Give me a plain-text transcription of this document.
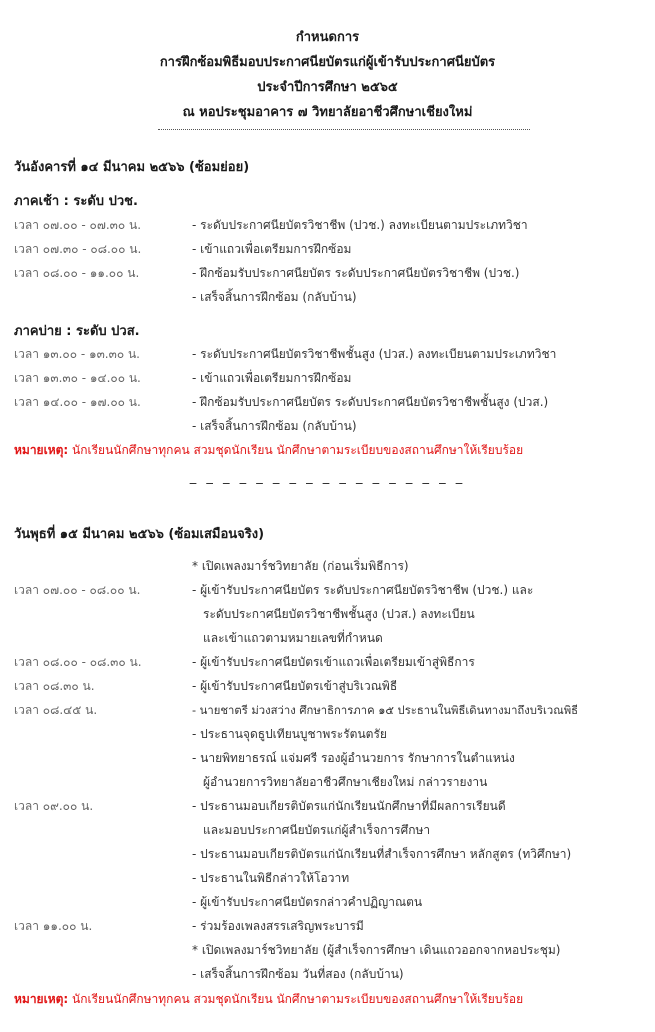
กำหนดการ
การฝึกซ้อมพิธีมอบประกาศนียบัตรแก่ผู้เข้ารับประกาศนียบัตร
ประจำปีการศึกษา ๒๕๖๕
ณ หอประชุมอาคาร ๗ วิทยาลัยอาชีวศึกษาเชียงใหม่
วันอังคารที่ ๑๔ มีนาคม ๒๕๖๖ (ซ้อมย่อย)
ภาคเช้า : ระดับ ปวช.
เวลา ๐๗.๐๐ - ๐๗.๓๐ น.	- ระดับประกาศนียบัตรวิชาชีพ (ปวช.) ลงทะเบียนตามประเภทวิชา
เวลา ๐๗.๓๐ - ๐๘.๐๐ น.	- เข้าแถวเพื่อเตรียมการฝึกซ้อม
เวลา ๐๘.๐๐ - ๑๑.๐๐ น.	- ฝึกซ้อมรับประกาศนียบัตร ระดับประกาศนียบัตรวิชาชีพ (ปวช.)
- เสร็จสิ้นการฝึกซ้อม (กลับบ้าน)
ภาคบ่าย : ระดับ ปวส.
เวลา ๑๓.๐๐ - ๑๓.๓๐ น.	- ระดับประกาศนียบัตรวิชาชีพชั้นสูง (ปวส.) ลงทะเบียนตามประเภทวิชา
เวลา ๑๓.๓๐ - ๑๔.๐๐ น.	- เข้าแถวเพื่อเตรียมการฝึกซ้อม
เวลา ๑๔.๐๐ - ๑๗.๐๐ น.	- ฝึกซ้อมรับประกาศนียบัตร ระดับประกาศนียบัตรวิชาชีพชั้นสูง (ปวส.)
- เสร็จสิ้นการฝึกซ้อม (กลับบ้าน)
หมายเหตุ: นักเรียนนักศึกษาทุกคน สวมชุดนักเรียน นักศึกษาตามระเบียบของสถานศึกษาให้เรียบร้อย
_ _ _ _ _ _ _ _ _ _ _ _ _ _ _ _ _
วันพุธที่ ๑๕ มีนาคม ๒๕๖๖ (ซ้อมเสมือนจริง)
* เปิดเพลงมาร์ชวิทยาลัย (ก่อนเริ่มพิธีการ)
เวลา ๐๗.๐๐ - ๐๘.๐๐ น.	- ผู้เข้ารับประกาศนียบัตร ระดับประกาศนียบัตรวิชาชีพ (ปวช.) และ
ระดับประกาศนียบัตรวิชาชีพชั้นสูง (ปวส.) ลงทะเบียน
และเข้าแถวตามหมายเลขที่กำหนด
เวลา ๐๘.๐๐ - ๐๘.๓๐ น.	- ผู้เข้ารับประกาศนียบัตรเข้าแถวเพื่อเตรียมเข้าสู่พิธีการ
เวลา ๐๘.๓๐ น.	- ผู้เข้ารับประกาศนียบัตรเข้าสู่บริเวณพิธี
เวลา ๐๘.๔๕ น.	- นายชาตรี ม่วงสว่าง ศึกษาธิการภาค ๑๕ ประธานในพิธีเดินทางมาถึงบริเวณพิธี
- ประธานจุดธูปเทียนบูชาพระรัตนตรัย
- นายพิทยาธรณ์ แจ่มศรี รองผู้อำนวยการ รักษาการในตำแหน่ง
ผู้อำนวยการวิทยาลัยอาชีวศึกษาเชียงใหม่ กล่าวรายงาน
เวลา ๐๙.๐๐ น.	- ประธานมอบเกียรติบัตรแก่นักเรียนนักศึกษาที่มีผลการเรียนดี
และมอบประกาศนียบัตรแก่ผู้สำเร็จการศึกษา
- ประธานมอบเกียรติบัตรแก่นักเรียนที่สำเร็จการศึกษา หลักสูตร (ทวิศึกษา)
- ประธานในพิธีกล่าวให้โอวาท
- ผู้เข้ารับประกาศนียบัตรกล่าวคำปฏิญาณตน
เวลา ๑๑.๐๐ น.	- ร่วมร้องเพลงสรรเสริญพระบารมี
* เปิดเพลงมาร์ชวิทยาลัย (ผู้สำเร็จการศึกษา เดินแถวออกจากหอประชุม)
- เสร็จสิ้นการฝึกซ้อม วันที่สอง (กลับบ้าน)
หมายเหตุ: นักเรียนนักศึกษาทุกคน สวมชุดนักเรียน นักศึกษาตามระเบียบของสถานศึกษาให้เรียบร้อย
